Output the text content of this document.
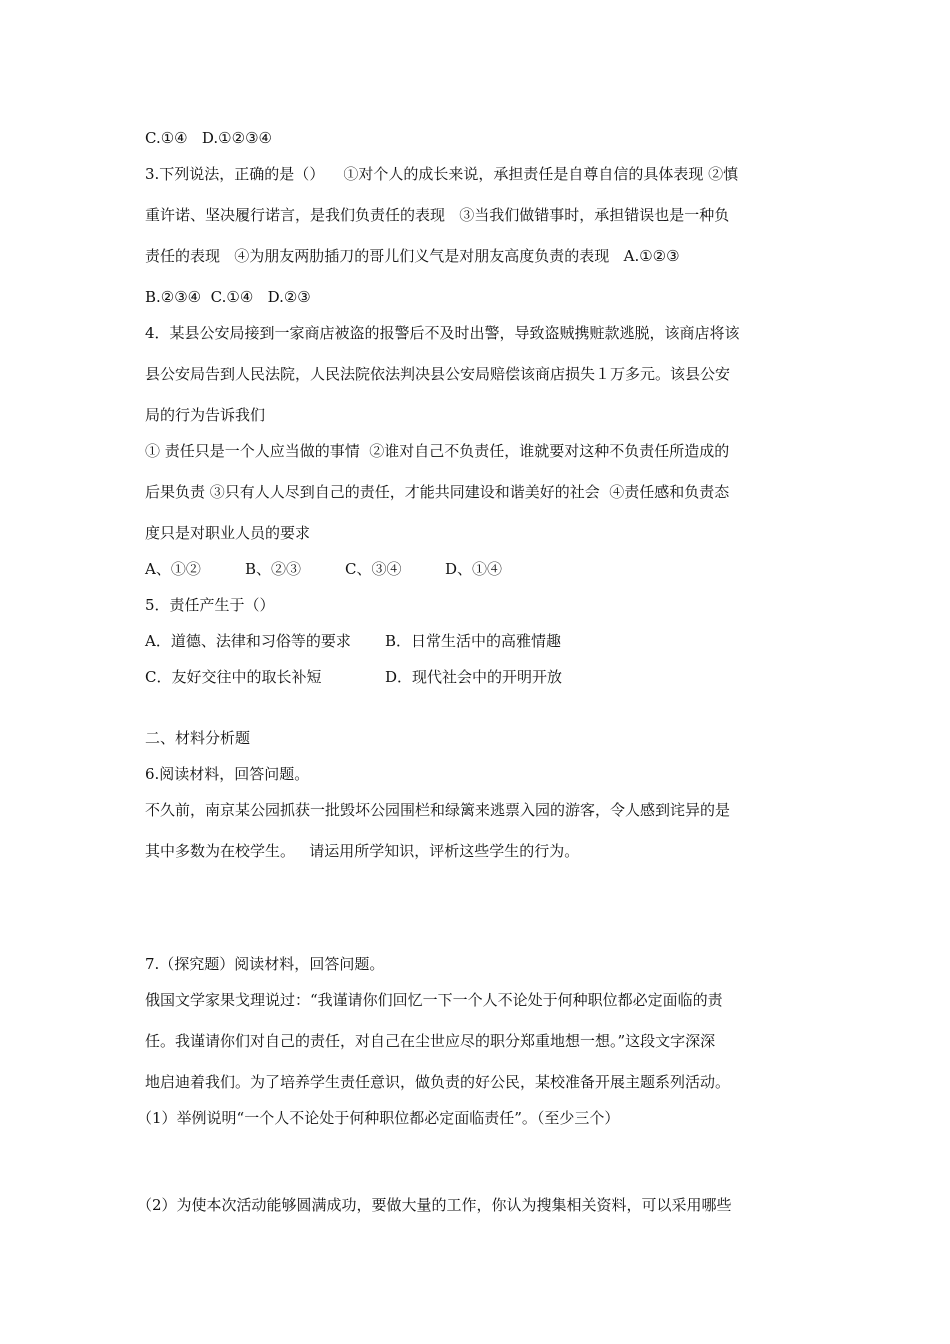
C.①④   D.①②③④
3.下列说法，正确的是（）    ①对个人的成长来说，承担责任是自尊自信的具体表现 ②慎
重许诺、坚决履行诺言，是我们负责任的表现   ③当我们做错事时，承担错误也是一种负
责任的表现   ④为朋友两肋插刀的哥儿们义气是对朋友高度负责的表现   A.①②③
B.②③④  C.①④   D.②③
4．某县公安局接到一家商店被盗的报警后不及时出警，导致盗贼携赃款逃脱，该商店将该
县公安局告到人民法院，人民法院依法判决县公安局赔偿该商店损失１万多元。该县公安
局的行为告诉我们
① 责任只是一个人应当做的事情  ②谁对自己不负责任，谁就要对这种不负责任所造成的
后果负责 ③只有人人尽到自己的责任，才能共同建设和谐美好的社会  ④责任感和负责态
度只是对职业人员的要求
A、①②	B、②③	C、③④	D、①④
5．责任产生于（）
A．道德、法律和习俗等的要求 B．日常生活中的高雅情趣
C．友好交往中的取长补短	D．现代社会中的开明开放
二、材料分析题
6.阅读材料，回答问题。
不久前，南京某公园抓获一批毁坏公园围栏和绿篱来逃票入园的游客，令人感到诧异的是
其中多数为在校学生。   请运用所学知识，评析这些学生的行为。
7.（探究题）阅读材料，回答问题。
俄国文学家果戈理说过：“我谨请你们回忆一下一个人不论处于何种职位都必定面临的责
任。我谨请你们对自己的责任，对自己在尘世应尽的职分郑重地想一想。”这段文字深深
地启迪着我们。为了培养学生责任意识，做负责的好公民，某校准备开展主题系列活动。
（1）举例说明“一个人不论处于何种职位都必定面临责任”。（至少三个）
（2）为使本次活动能够圆满成功，要做大量的工作，你认为搜集相关资料，可以采用哪些
